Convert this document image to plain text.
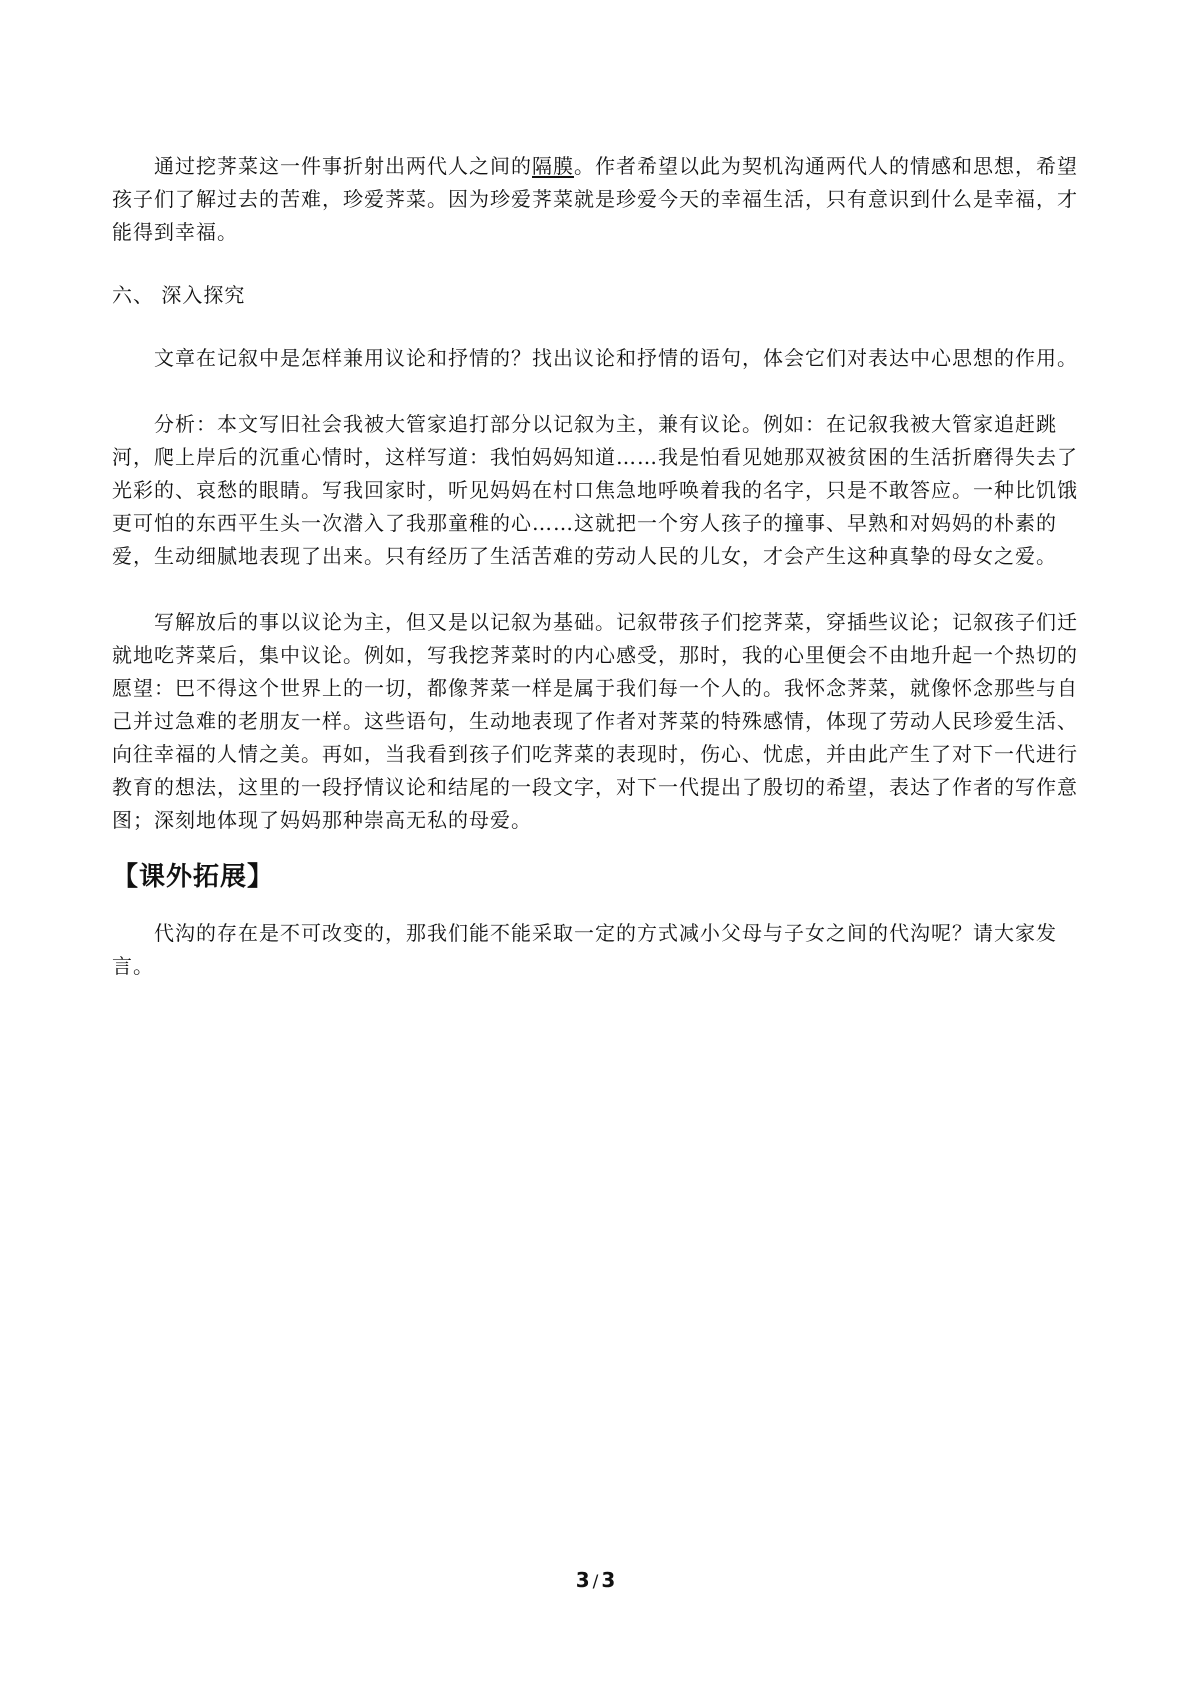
通过挖荠菜这一件事折射出两代人之间的隔膜。作者希望以此为契机沟通两代人的情感和思想，希望孩子们了解过去的苦难，珍爱荠菜。因为珍爱荠菜就是珍爱今天的幸福生活，只有意识到什么是幸福，才能得到幸福。

六、 深入探究

文章在记叙中是怎样兼用议论和抒情的？找出议论和抒情的语句，体会它们对表达中心思想的作用。

分析：本文写旧社会我被大管家追打部分以记叙为主，兼有议论。例如：在记叙我被大管家追赶跳河，爬上岸后的沉重心情时，这样写道：我怕妈妈知道……我是怕看见她那双被贫困的生活折磨得失去了光彩的、哀愁的眼睛。写我回家时，听见妈妈在村口焦急地呼唤着我的名字，只是不敢答应。一种比饥饿更可怕的东西平生头一次潜入了我那童稚的心……这就把一个穷人孩子的撞事、早熟和对妈妈的朴素的爱，生动细腻地表现了出来。只有经历了生活苦难的劳动人民的儿女，才会产生这种真挚的母女之爱。

写解放后的事以议论为主，但又是以记叙为基础。记叙带孩子们挖荠菜，穿插些议论；记叙孩子们迁就地吃荠菜后，集中议论。例如，写我挖荠菜时的内心感受，那时，我的心里便会不由地升起一个热切的愿望：巴不得这个世界上的一切，都像荠菜一样是属于我们每一个人的。我怀念荠菜，就像怀念那些与自己并过急难的老朋友一样。这些语句，生动地表现了作者对荠菜的特殊感情，体现了劳动人民珍爱生活、向往幸福的人情之美。再如，当我看到孩子们吃荠菜的表现时，伤心、忧虑，并由此产生了对下一代进行教育的想法，这里的一段抒情议论和结尾的一段文字，对下一代提出了殷切的希望，表达了作者的写作意图；深刻地体现了妈妈那种崇高无私的母爱。

【课外拓展】

代沟的存在是不可改变的，那我们能不能采取一定的方式减小父母与子女之间的代沟呢？请大家发言。

3 / 3
